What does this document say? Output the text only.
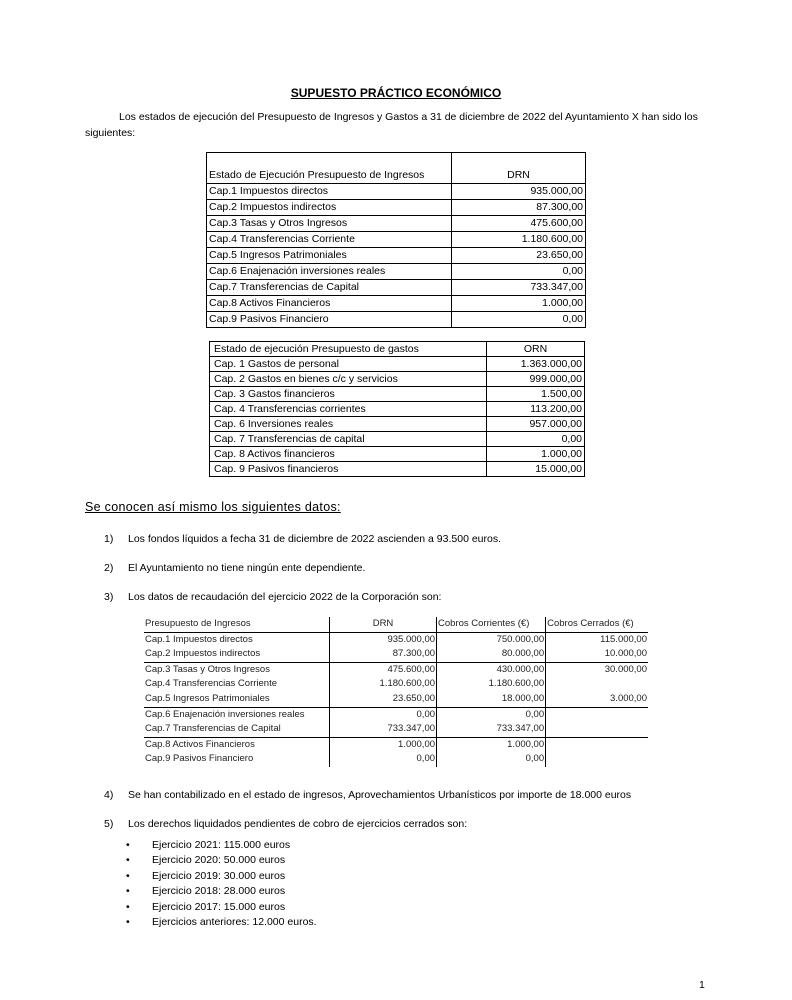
SUPUESTO PRÁCTICO ECONÓMICO
Los estados de ejecución del Presupuesto de Ingresos y Gastos a 31 de diciembre de 2022 del Ayuntamiento X han sido los siguientes:
Estado de Ejecución Presupuesto de Ingresos	DRN
Cap.1 Impuestos directos	935.000,00
Cap.2 Impuestos indirectos	87.300,00
Cap.3 Tasas y Otros Ingresos	475.600,00
Cap.4 Transferencias Corriente	1.180.600,00
Cap.5 Ingresos Patrimoniales	23.650,00
Cap.6 Enajenación inversiones reales	0,00
Cap.7 Transferencias de Capital	733.347,00
Cap.8 Activos Financieros	1.000,00
Cap.9 Pasivos Financiero	0,00
Estado de ejecución Presupuesto de gastos	ORN
Cap. 1 Gastos de personal	1.363.000,00
Cap. 2 Gastos en bienes c/c y servicios	999.000,00
Cap. 3 Gastos financieros	1.500,00
Cap. 4 Transferencias corrientes	113.200,00
Cap. 6 Inversiones reales	957.000,00
Cap. 7 Transferencias de capital	0,00
Cap. 8 Activos financieros	1.000,00
Cap. 9 Pasivos financieros	15.000,00
Se conocen así mismo los siguientes datos:
1) Los fondos líquidos a fecha 31 de diciembre de 2022 ascienden a 93.500 euros.
2) El Ayuntamiento no tiene ningún ente dependiente.
3) Los datos de recaudación del ejercicio 2022 de la Corporación son:
Presupuesto de Ingresos	DRN	Cobros Corrientes (€)	Cobros Cerrados (€)
Cap.1 Impuestos directos	935.000,00	750.000,00	115.000,00
Cap.2 Impuestos indirectos	87.300,00	80.000,00	10.000,00
Cap.3 Tasas y Otros Ingresos	475.600,00	430.000,00	30.000,00
Cap.4 Transferencias Corriente	1.180.600,00	1.180.600,00	
Cap.5 Ingresos Patrimoniales	23.650,00	18.000,00	3.000,00
Cap.6 Enajenación inversiones reales	0,00	0,00	
Cap.7 Transferencias de Capital	733.347,00	733.347,00	
Cap.8 Activos Financieros	1.000,00	1.000,00	
Cap.9 Pasivos Financiero	0,00	0,00	
4) Se han contabilizado en el estado de ingresos, Aprovechamientos Urbanísticos por importe de 18.000 euros
5) Los derechos liquidados pendientes de cobro de ejercicios cerrados son:
•	Ejercicio 2021: 115.000 euros
•	Ejercicio 2020: 50.000 euros
•	Ejercicio 2019: 30.000 euros
•	Ejercicio 2018: 28.000 euros
•	Ejercicio 2017: 15.000 euros
•	Ejercicios anteriores: 12.000 euros.
1
